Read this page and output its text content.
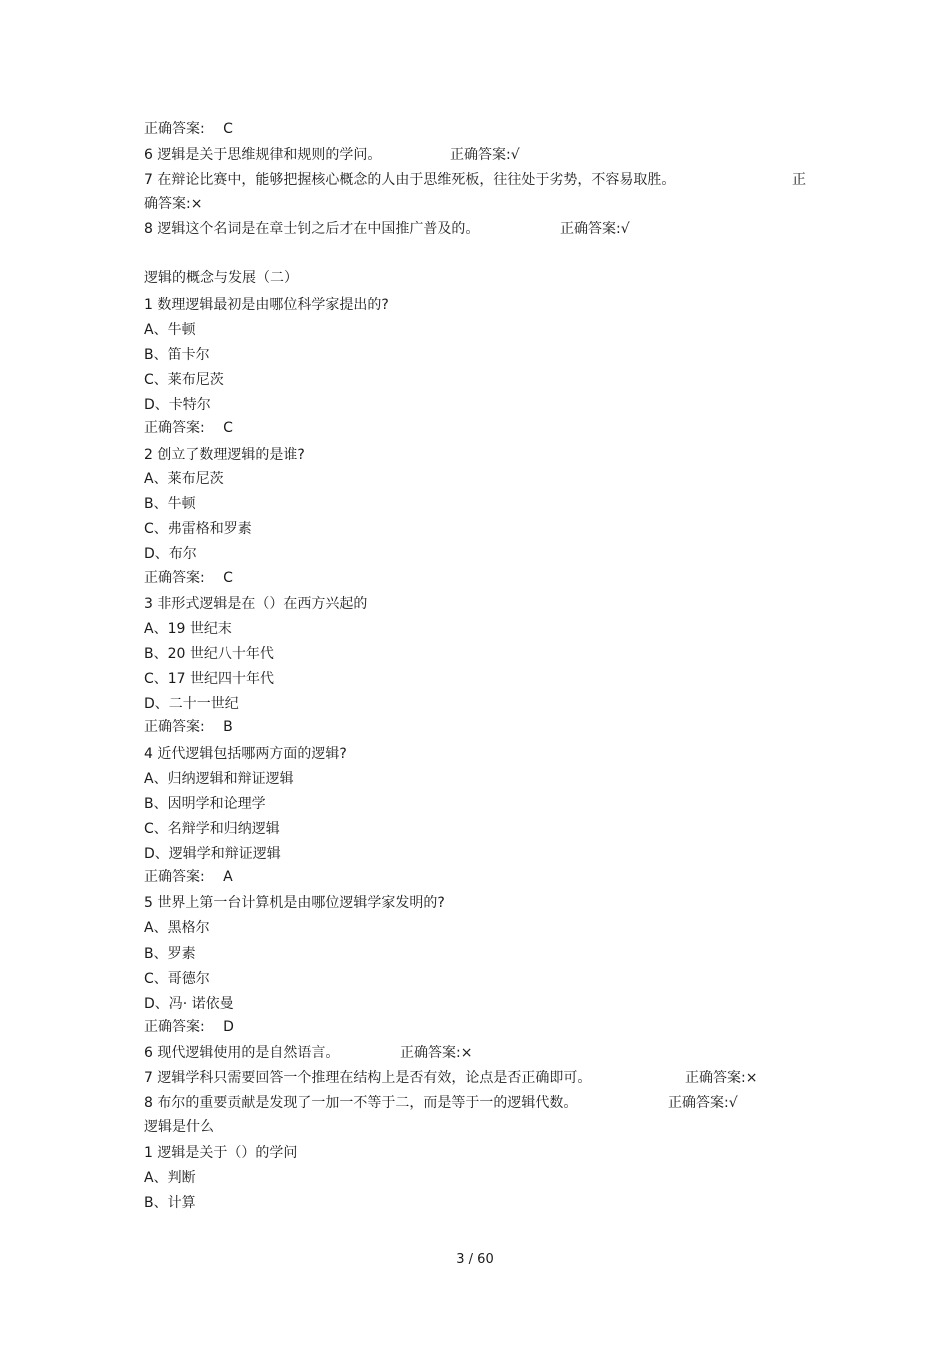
正确答案:　 C
6 逻辑是关于思维规律和规则的学问。	正确答案:√
7 在辩论比赛中，能够把握核心概念的人由于思维死板，往往处于劣势，不容易取胜。	正
确答案:×
8 逻辑这个名词是在章士钊之后才在中国推广普及的。	正确答案:√
逻辑的概念与发展（二）
1 数理逻辑最初是由哪位科学家提出的?
A、牛顿
B、笛卡尔
C、莱布尼茨
D、卡特尔
正确答案:　 C
2 创立了数理逻辑的是谁?
A、莱布尼茨
B、牛顿
C、弗雷格和罗素
D、布尔
正确答案:　 C
3 非形式逻辑是在（）在西方兴起的
A、19 世纪末
B、20 世纪八十年代
C、17 世纪四十年代
D、二十一世纪
正确答案:　 B
4 近代逻辑包括哪两方面的逻辑?
A、归纳逻辑和辩证逻辑
B、因明学和论理学
C、名辩学和归纳逻辑
D、逻辑学和辩证逻辑
正确答案:　 A
5 世界上第一台计算机是由哪位逻辑学家发明的?
A、黑格尔
B、罗素
C、哥德尔
D、冯· 诺依曼
正确答案:　 D
6 现代逻辑使用的是自然语言。	正确答案:×
7 逻辑学科只需要回答一个推理在结构上是否有效，论点是否正确即可。	正确答案:×
8 布尔的重要贡献是发现了一加一不等于二，而是等于一的逻辑代数。	正确答案:√
逻辑是什么
1 逻辑是关于（）的学问
A、判断
B、计算
3 / 60
